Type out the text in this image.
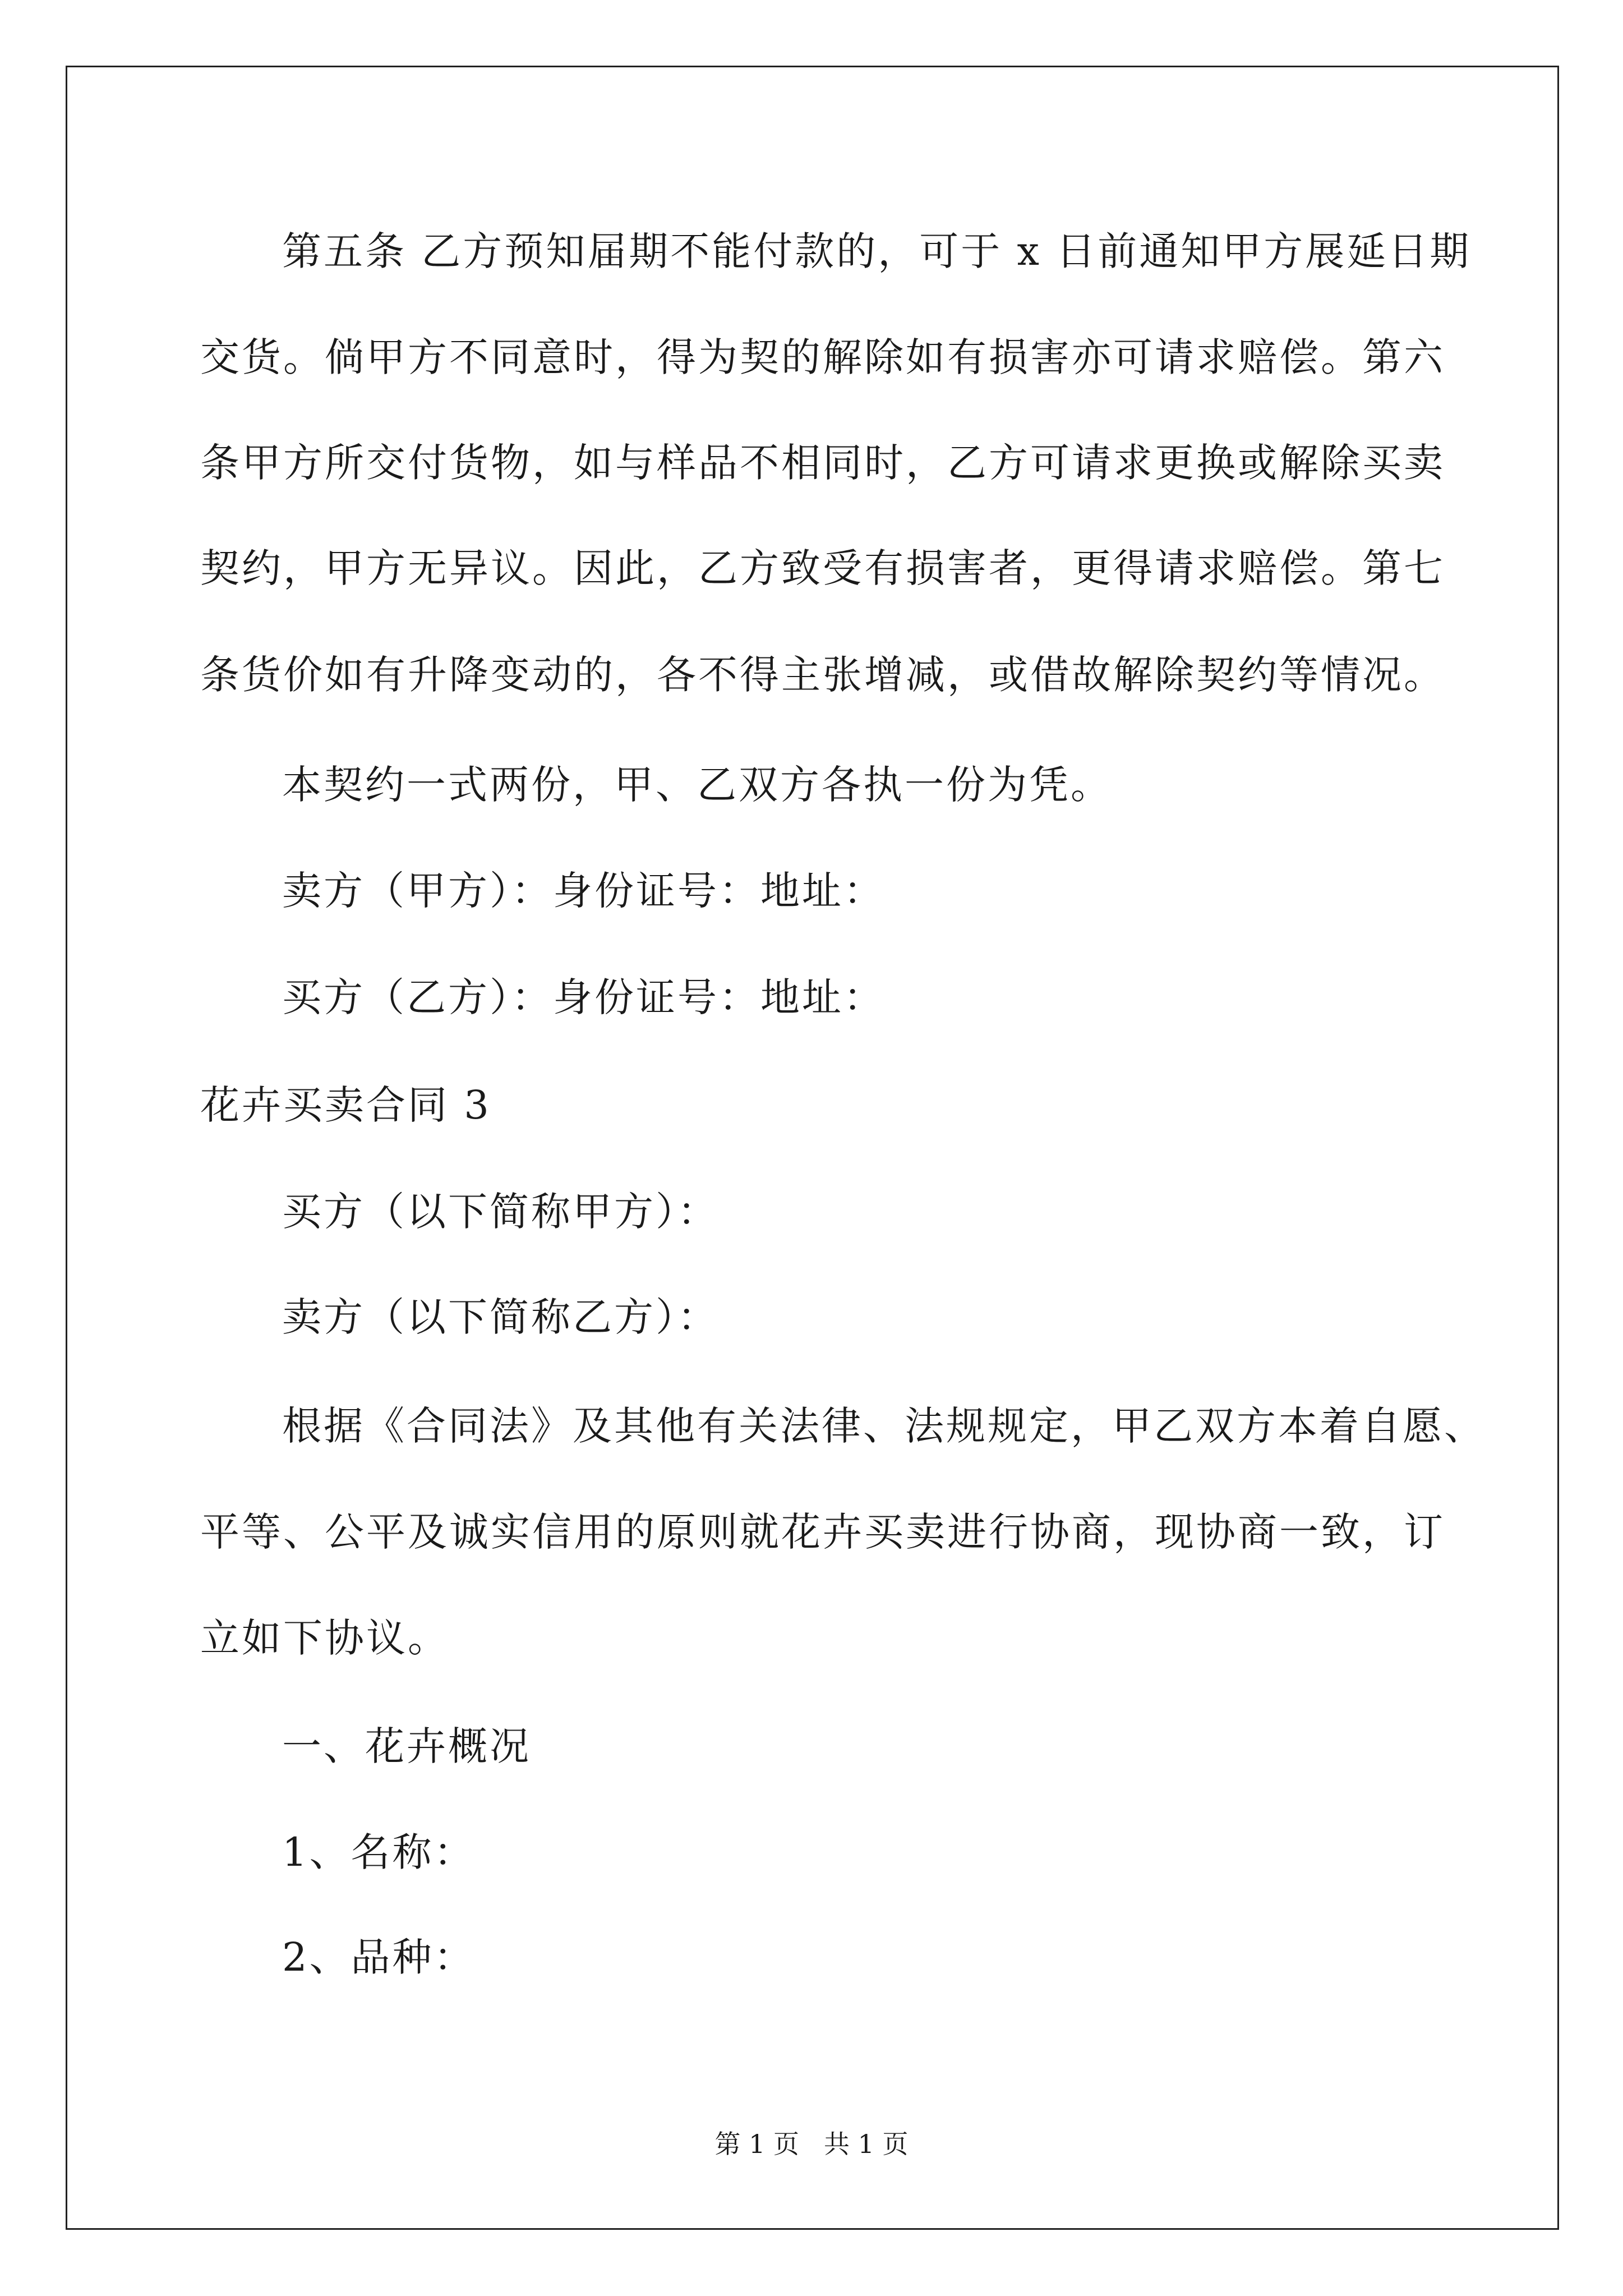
第五条 乙方预知届期不能付款的，可于 x 日前通知甲方展延日期
交货。倘甲方不同意时，得为契的解除如有损害亦可请求赔偿。第六
条甲方所交付货物，如与样品不相同时，乙方可请求更换或解除买卖
契约，甲方无异议。因此，乙方致受有损害者，更得请求赔偿。第七
条货价如有升降变动的，各不得主张增减，或借故解除契约等情况。
本契约一式两份，甲、乙双方各执一份为凭。
卖方（甲方）：身份证号：地址：
买方（乙方）：身份证号：地址：
花卉买卖合同 3
买方（以下简称甲方）：
卖方（以下简称乙方）：
根据《合同法》及其他有关法律、法规规定，甲乙双方本着自愿、
平等、公平及诚实信用的原则就花卉买卖进行协商，现协商一致，订
立如下协议。
一、花卉概况
1、名称：
2、品种：
第 1 页 共 1 页
